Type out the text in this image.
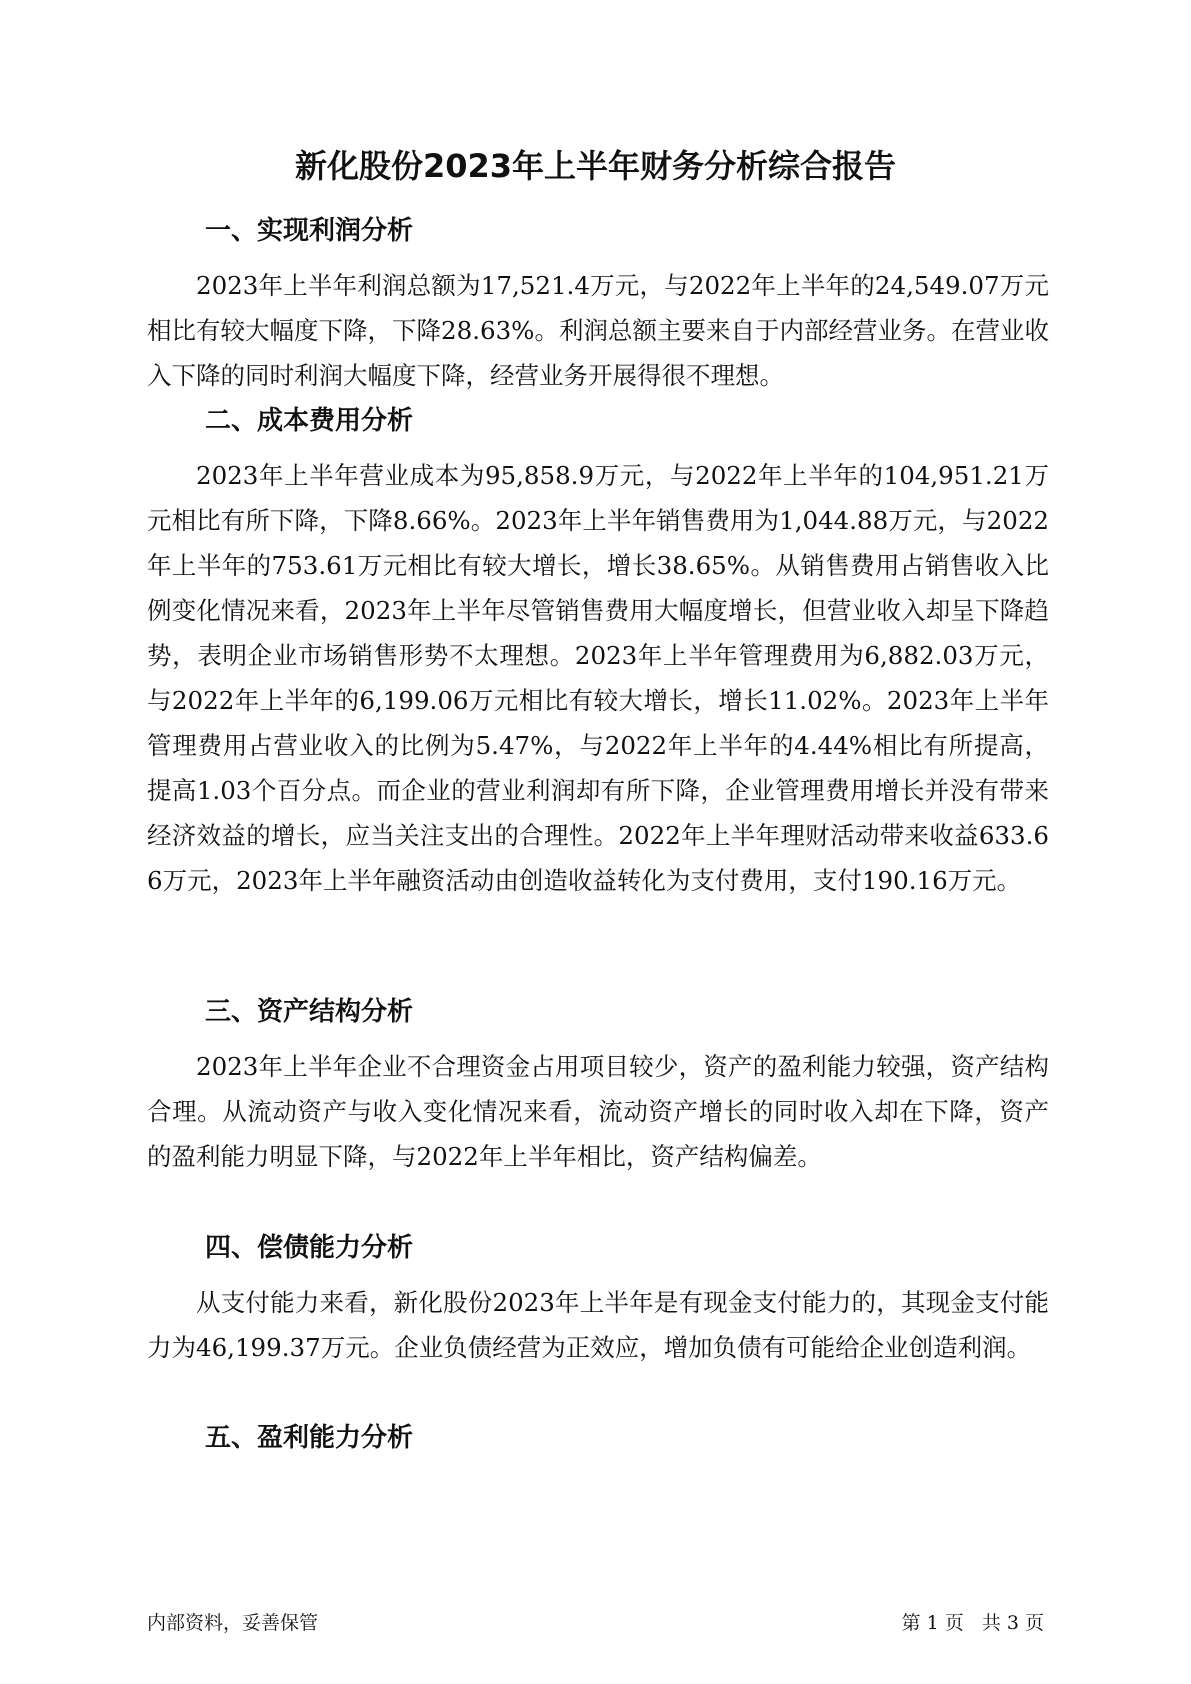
新化股份2023年上半年财务分析综合报告
一、实现利润分析

2023年上半年利润总额为17,521.4万元，与2022年上半年的24,549.07万元相比有较大幅度下降，下降28.63%。利润总额主要来自于内部经营业务。在营业收入下降的同时利润大幅度下降，经营业务开展得很不理想。

二、成本费用分析

2023年上半年营业成本为95,858.9万元，与2022年上半年的104,951.21万元相比有所下降，下降8.66%。2023年上半年销售费用为1,044.88万元，与2022年上半年的753.61万元相比有较大增长，增长38.65%。从销售费用占销售收入比例变化情况来看，2023年上半年尽管销售费用大幅度增长，但营业收入却呈下降趋势，表明企业市场销售形势不太理想。2023年上半年管理费用为6,882.03万元，与2022年上半年的6,199.06万元相比有较大增长，增长11.02%。2023年上半年管理费用占营业收入的比例为5.47%，与2022年上半年的4.44%相比有所提高，提高1.03个百分点。而企业的营业利润却有所下降，企业管理费用增长并没有带来经济效益的增长，应当关注支出的合理性。2022年上半年理财活动带来收益633.66万元，2023年上半年融资活动由创造收益转化为支付费用，支付190.16万元。

三、资产结构分析

2023年上半年企业不合理资金占用项目较少，资产的盈利能力较强，资产结构合理。从流动资产与收入变化情况来看，流动资产增长的同时收入却在下降，资产的盈利能力明显下降，与2022年上半年相比，资产结构偏差。

四、偿债能力分析

从支付能力来看，新化股份2023年上半年是有现金支付能力的，其现金支付能力为46,199.37万元。企业负债经营为正效应，增加负债有可能给企业创造利润。

五、盈利能力分析
内部资料，妥善保管	第 1 页   共 3 页
